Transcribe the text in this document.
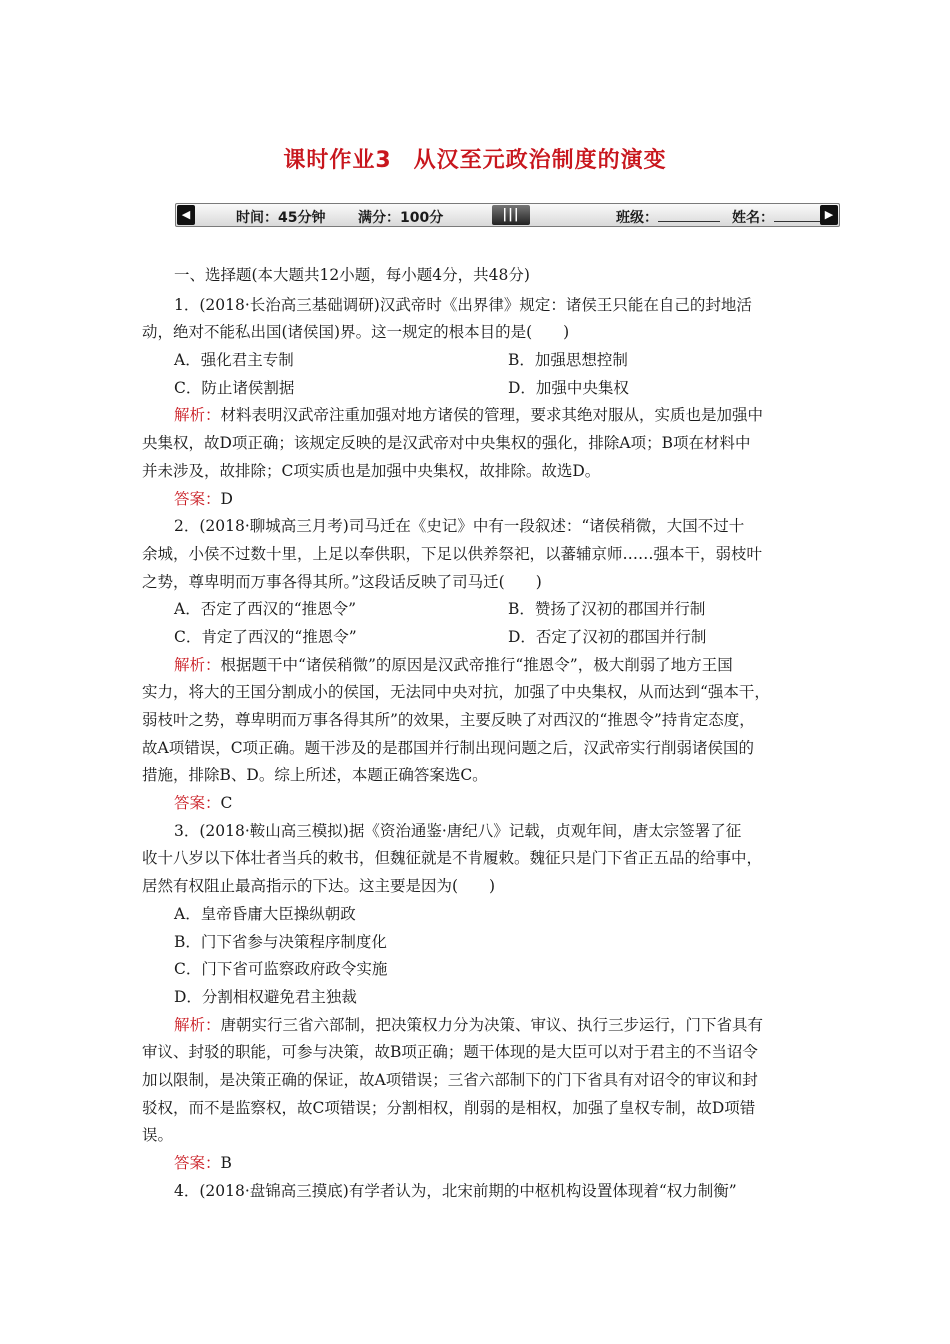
课时作业3 从汉至元政治制度的演变
◀	时间：45分钟 满分：100分	|||	班级：	姓名：	▶
一、选择题(本大题共12小题，每小题4分，共48分)
1．(2018·长治高三基础调研)汉武帝时《出界律》规定：诸侯王只能在自己的封地活
动，绝对不能私出国(诸侯国)界。这一规定的根本目的是(　　)
A．强化君主专制	B．加强思想控制
C．防止诸侯割据	D．加强中央集权
解析：材料表明汉武帝注重加强对地方诸侯的管理，要求其绝对服从，实质也是加强中
央集权，故D项正确；该规定反映的是汉武帝对中央集权的强化，排除A项；B项在材料中
并未涉及，故排除；C项实质也是加强中央集权，故排除。故选D。
答案：D
2．(2018·聊城高三月考)司马迁在《史记》中有一段叙述：“诸侯稍微，大国不过十
余城，小侯不过数十里，上足以奉供职，下足以供养祭祀，以蕃辅京师……强本干，弱枝叶
之势，尊卑明而万事各得其所。”这段话反映了司马迁(　　)
A．否定了西汉的“推恩令”	B．赞扬了汉初的郡国并行制
C．肯定了西汉的“推恩令”	D．否定了汉初的郡国并行制
解析：根据题干中“诸侯稍微”的原因是汉武帝推行“推恩令”，极大削弱了地方王国
实力，将大的王国分割成小的侯国，无法同中央对抗，加强了中央集权，从而达到“强本干，
弱枝叶之势，尊卑明而万事各得其所”的效果，主要反映了对西汉的“推恩令”持肯定态度，
故A项错误，C项正确。题干涉及的是郡国并行制出现问题之后，汉武帝实行削弱诸侯国的
措施，排除B、D。综上所述，本题正确答案选C。
答案：C
3．(2018·鞍山高三模拟)据《资治通鉴·唐纪八》记载，贞观年间，唐太宗签署了征
收十八岁以下体壮者当兵的敕书，但魏征就是不肯履敕。魏征只是门下省正五品的给事中，
居然有权阻止最高指示的下达。这主要是因为(　　)
A．皇帝昏庸大臣操纵朝政
B．门下省参与决策程序制度化
C．门下省可监察政府政令实施
D．分割相权避免君主独裁
解析：唐朝实行三省六部制，把决策权力分为决策、审议、执行三步运行，门下省具有
审议、封驳的职能，可参与决策，故B项正确；题干体现的是大臣可以对于君主的不当诏令
加以限制，是决策正确的保证，故A项错误；三省六部制下的门下省具有对诏令的审议和封
驳权，而不是监察权，故C项错误；分割相权，削弱的是相权，加强了皇权专制，故D项错
误。
答案：B
4．(2018·盘锦高三摸底)有学者认为，北宋前期的中枢机构设置体现着“权力制衡”
